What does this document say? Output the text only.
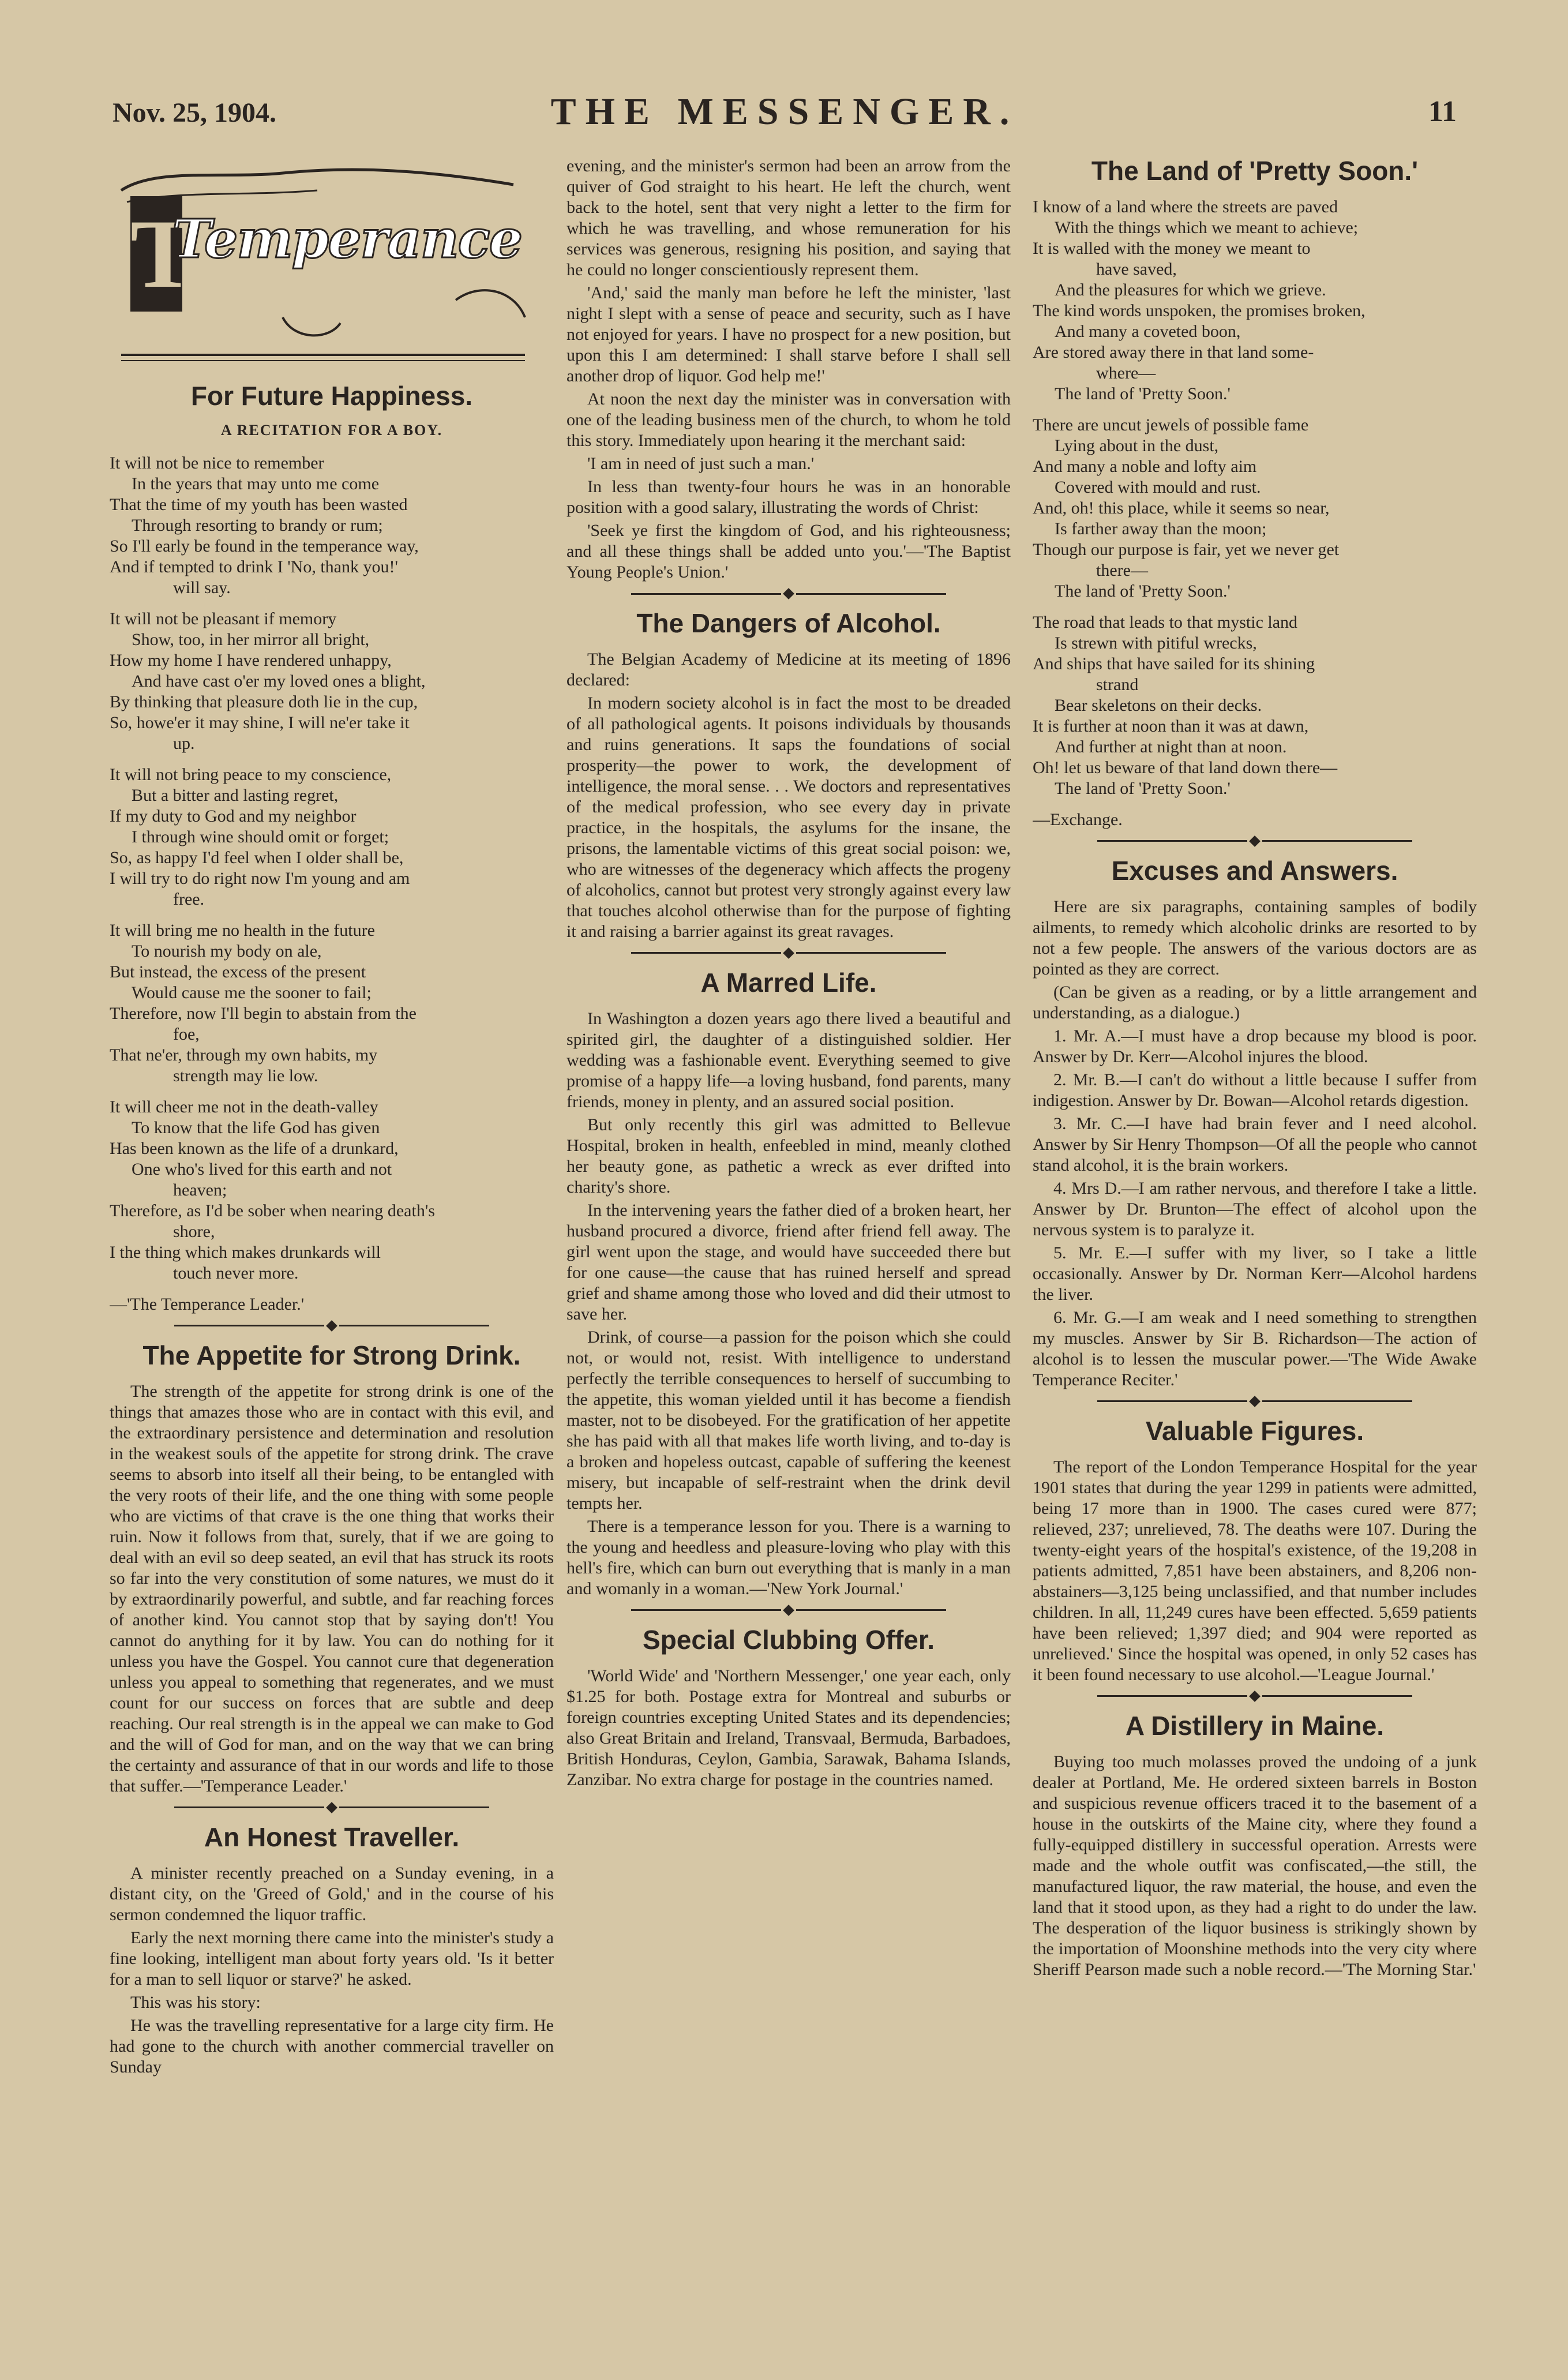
Nov. 25, 1904.	THE MESSENGER.	11
T
Temperance
For Future Happiness.
A RECITATION FOR A BOY.
It will not be nice to remember
In the years that may unto me come
That the time of my youth has been wasted
Through resorting to brandy or rum;
So I'll early be found in the temperance way,
And if tempted to drink I 'No, thank you!'
will say.
It will not be pleasant if memory
Show, too, in her mirror all bright,
How my home I have rendered unhappy,
And have cast o'er my loved ones a blight,
By thinking that pleasure doth lie in the cup,
So, howe'er it may shine, I will ne'er take it
up.
It will not bring peace to my conscience,
But a bitter and lasting regret,
If my duty to God and my neighbor
I through wine should omit or forget;
So, as happy I'd feel when I older shall be,
I will try to do right now I'm young and am
free.
It will bring me no health in the future
To nourish my body on ale,
But instead, the excess of the present
Would cause me the sooner to fail;
Therefore, now I'll begin to abstain from the
foe,
That ne'er, through my own habits, my
strength may lie low.
It will cheer me not in the death-valley
To know that the life God has given
Has been known as the life of a drunkard,
One who's lived for this earth and not
heaven;
Therefore, as I'd be sober when nearing death's
shore,
I the thing which makes drunkards will
touch never more.
—'The Temperance Leader.'
The Appetite for Strong Drink.

The strength of the appetite for strong drink is one of the things that amazes those who are in contact with this evil, and the extraordinary persistence and determination and resolution in the weakest souls of the appetite for strong drink. The crave seems to absorb into itself all their being, to be entangled with the very roots of their life, and the one thing with some people who are victims of that crave is the one thing that works their ruin. Now it follows from that, surely, that if we are going to deal with an evil so deep seated, an evil that has struck its roots so far into the very constitution of some natures, we must do it by extraordinarily powerful, and subtle, and far reaching forces of another kind. You cannot stop that by saying don't! You cannot do anything for it by law. You can do nothing for it unless you have the Gospel. You cannot cure that degeneration unless you appeal to something that regenerates, and we must count for our success on forces that are subtle and deep reaching. Our real strength is in the appeal we can make to God and the will of God for man, and on the way that we can bring the certainty and assurance of that in our words and life to those that suffer.—'Temperance Leader.'

An Honest Traveller.

A minister recently preached on a Sunday evening, in a distant city, on the 'Greed of Gold,' and in the course of his sermon condemned the liquor traffic.

Early the next morning there came into the minister's study a fine looking, intelligent man about forty years old. 'Is it better for a man to sell liquor or starve?' he asked.

This was his story:

He was the travelling representative for a large city firm. He had gone to the church with another commercial traveller on Sunday

evening, and the minister's sermon had been an arrow from the quiver of God straight to his heart. He left the church, went back to the hotel, sent that very night a letter to the firm for which he was travelling, and whose remuneration for his services was generous, resigning his position, and saying that he could no longer conscientiously represent them.

'And,' said the manly man before he left the minister, 'last night I slept with a sense of peace and security, such as I have not enjoyed for years. I have no prospect for a new position, but upon this I am determined: I shall starve before I shall sell another drop of liquor. God help me!'

At noon the next day the minister was in conversation with one of the leading business men of the church, to whom he told this story. Immediately upon hearing it the merchant said:

'I am in need of just such a man.'

In less than twenty-four hours he was in an honorable position with a good salary, illustrating the words of Christ:

'Seek ye first the kingdom of God, and his righteousness; and all these things shall be added unto you.'—'The Baptist Young People's Union.'

The Dangers of Alcohol.

The Belgian Academy of Medicine at its meeting of 1896 declared:

In modern society alcohol is in fact the most to be dreaded of all pathological agents. It poisons individuals by thousands and ruins generations. It saps the foundations of social prosperity—the power to work, the development of intelligence, the moral sense. . . We doctors and representatives of the medical profession, who see every day in private practice, in the hospitals, the asylums for the insane, the prisons, the lamentable victims of this great social poison: we, who are witnesses of the degeneracy which affects the progeny of alcoholics, cannot but protest very strongly against every law that touches alcohol otherwise than for the purpose of fighting it and raising a barrier against its great ravages.

A Marred Life.

In Washington a dozen years ago there lived a beautiful and spirited girl, the daughter of a distinguished soldier. Her wedding was a fashionable event. Everything seemed to give promise of a happy life—a loving husband, fond parents, many friends, money in plenty, and an assured social position.

But only recently this girl was admitted to Bellevue Hospital, broken in health, enfeebled in mind, meanly clothed her beauty gone, as pathetic a wreck as ever drifted into charity's shore.

In the intervening years the father died of a broken heart, her husband procured a divorce, friend after friend fell away. The girl went upon the stage, and would have succeeded there but for one cause—the cause that has ruined herself and spread grief and shame among those who loved and did their utmost to save her.

Drink, of course—a passion for the poison which she could not, or would not, resist. With intelligence to understand perfectly the terrible consequences to herself of succumbing to the appetite, this woman yielded until it has become a fiendish master, not to be disobeyed. For the gratification of her appetite she has paid with all that makes life worth living, and to-day is a broken and hopeless outcast, capable of suffering the keenest misery, but incapable of self-restraint when the drink devil tempts her.

There is a temperance lesson for you. There is a warning to the young and heedless and pleasure-loving who play with this hell's fire, which can burn out everything that is manly in a man and womanly in a woman.—'New York Journal.'

Special Clubbing Offer.

'World Wide' and 'Northern Messenger,' one year each, only $1.25 for both. Postage extra for Montreal and suburbs or foreign countries excepting United States and its dependencies; also Great Britain and Ireland, Transvaal, Bermuda, Barbadoes, British Honduras, Ceylon, Gambia, Sarawak, Bahama Islands, Zanzibar. No extra charge for postage in the countries named.

The Land of 'Pretty Soon.'
I know of a land where the streets are paved
With the things which we meant to achieve;
It is walled with the money we meant to
have saved,
And the pleasures for which we grieve.
The kind words unspoken, the promises broken,
And many a coveted boon,
Are stored away there in that land some-
where—
The land of 'Pretty Soon.'
There are uncut jewels of possible fame
Lying about in the dust,
And many a noble and lofty aim
Covered with mould and rust.
And, oh! this place, while it seems so near,
Is farther away than the moon;
Though our purpose is fair, yet we never get
there—
The land of 'Pretty Soon.'
The road that leads to that mystic land
Is strewn with pitiful wrecks,
And ships that have sailed for its shining
strand
Bear skeletons on their decks.
It is further at noon than it was at dawn,
And further at night than at noon.
Oh! let us beware of that land down there—
The land of 'Pretty Soon.'
—Exchange.
Excuses and Answers.

Here are six paragraphs, containing samples of bodily ailments, to remedy which alcoholic drinks are resorted to by not a few people. The answers of the various doctors are as pointed as they are correct.

(Can be given as a reading, or by a little arrangement and understanding, as a dialogue.)

1. Mr. A.—I must have a drop because my blood is poor. Answer by Dr. Kerr—Alcohol injures the blood.

2. Mr. B.—I can't do without a little because I suffer from indigestion. Answer by Dr. Bowan—Alcohol retards digestion.

3. Mr. C.—I have had brain fever and I need alcohol. Answer by Sir Henry Thompson—Of all the people who cannot stand alcohol, it is the brain workers.

4. Mrs D.—I am rather nervous, and therefore I take a little. Answer by Dr. Brunton—The effect of alcohol upon the nervous system is to paralyze it.

5. Mr. E.—I suffer with my liver, so I take a little occasionally. Answer by Dr. Norman Kerr—Alcohol hardens the liver.

6. Mr. G.—I am weak and I need something to strengthen my muscles. Answer by Sir B. Richardson—The action of alcohol is to lessen the muscular power.—'The Wide Awake Temperance Reciter.'

Valuable Figures.

The report of the London Temperance Hospital for the year 1901 states that during the year 1299 in patients were admitted, being 17 more than in 1900. The cases cured were 877; relieved, 237; unrelieved, 78. The deaths were 107. During the twenty-eight years of the hospital's existence, of the 19,208 in patients admitted, 7,851 have been abstainers, and 8,206 non-abstainers—3,125 being unclassified, and that number includes children. In all, 11,249 cures have been effected. 5,659 patients have been relieved; 1,397 died; and 904 were reported as unrelieved.' Since the hospital was opened, in only 52 cases has it been found necessary to use alcohol.—'League Journal.'

A Distillery in Maine.

Buying too much molasses proved the undoing of a junk dealer at Portland, Me. He ordered sixteen barrels in Boston and suspicious revenue officers traced it to the basement of a house in the outskirts of the Maine city, where they found a fully-equipped distillery in successful operation. Arrests were made and the whole outfit was confiscated,—the still, the manufactured liquor, the raw material, the house, and even the land that it stood upon, as they had a right to do under the law. The desperation of the liquor business is strikingly shown by the importation of Moonshine methods into the very city where Sheriff Pearson made such a noble record.—'The Morning Star.'
